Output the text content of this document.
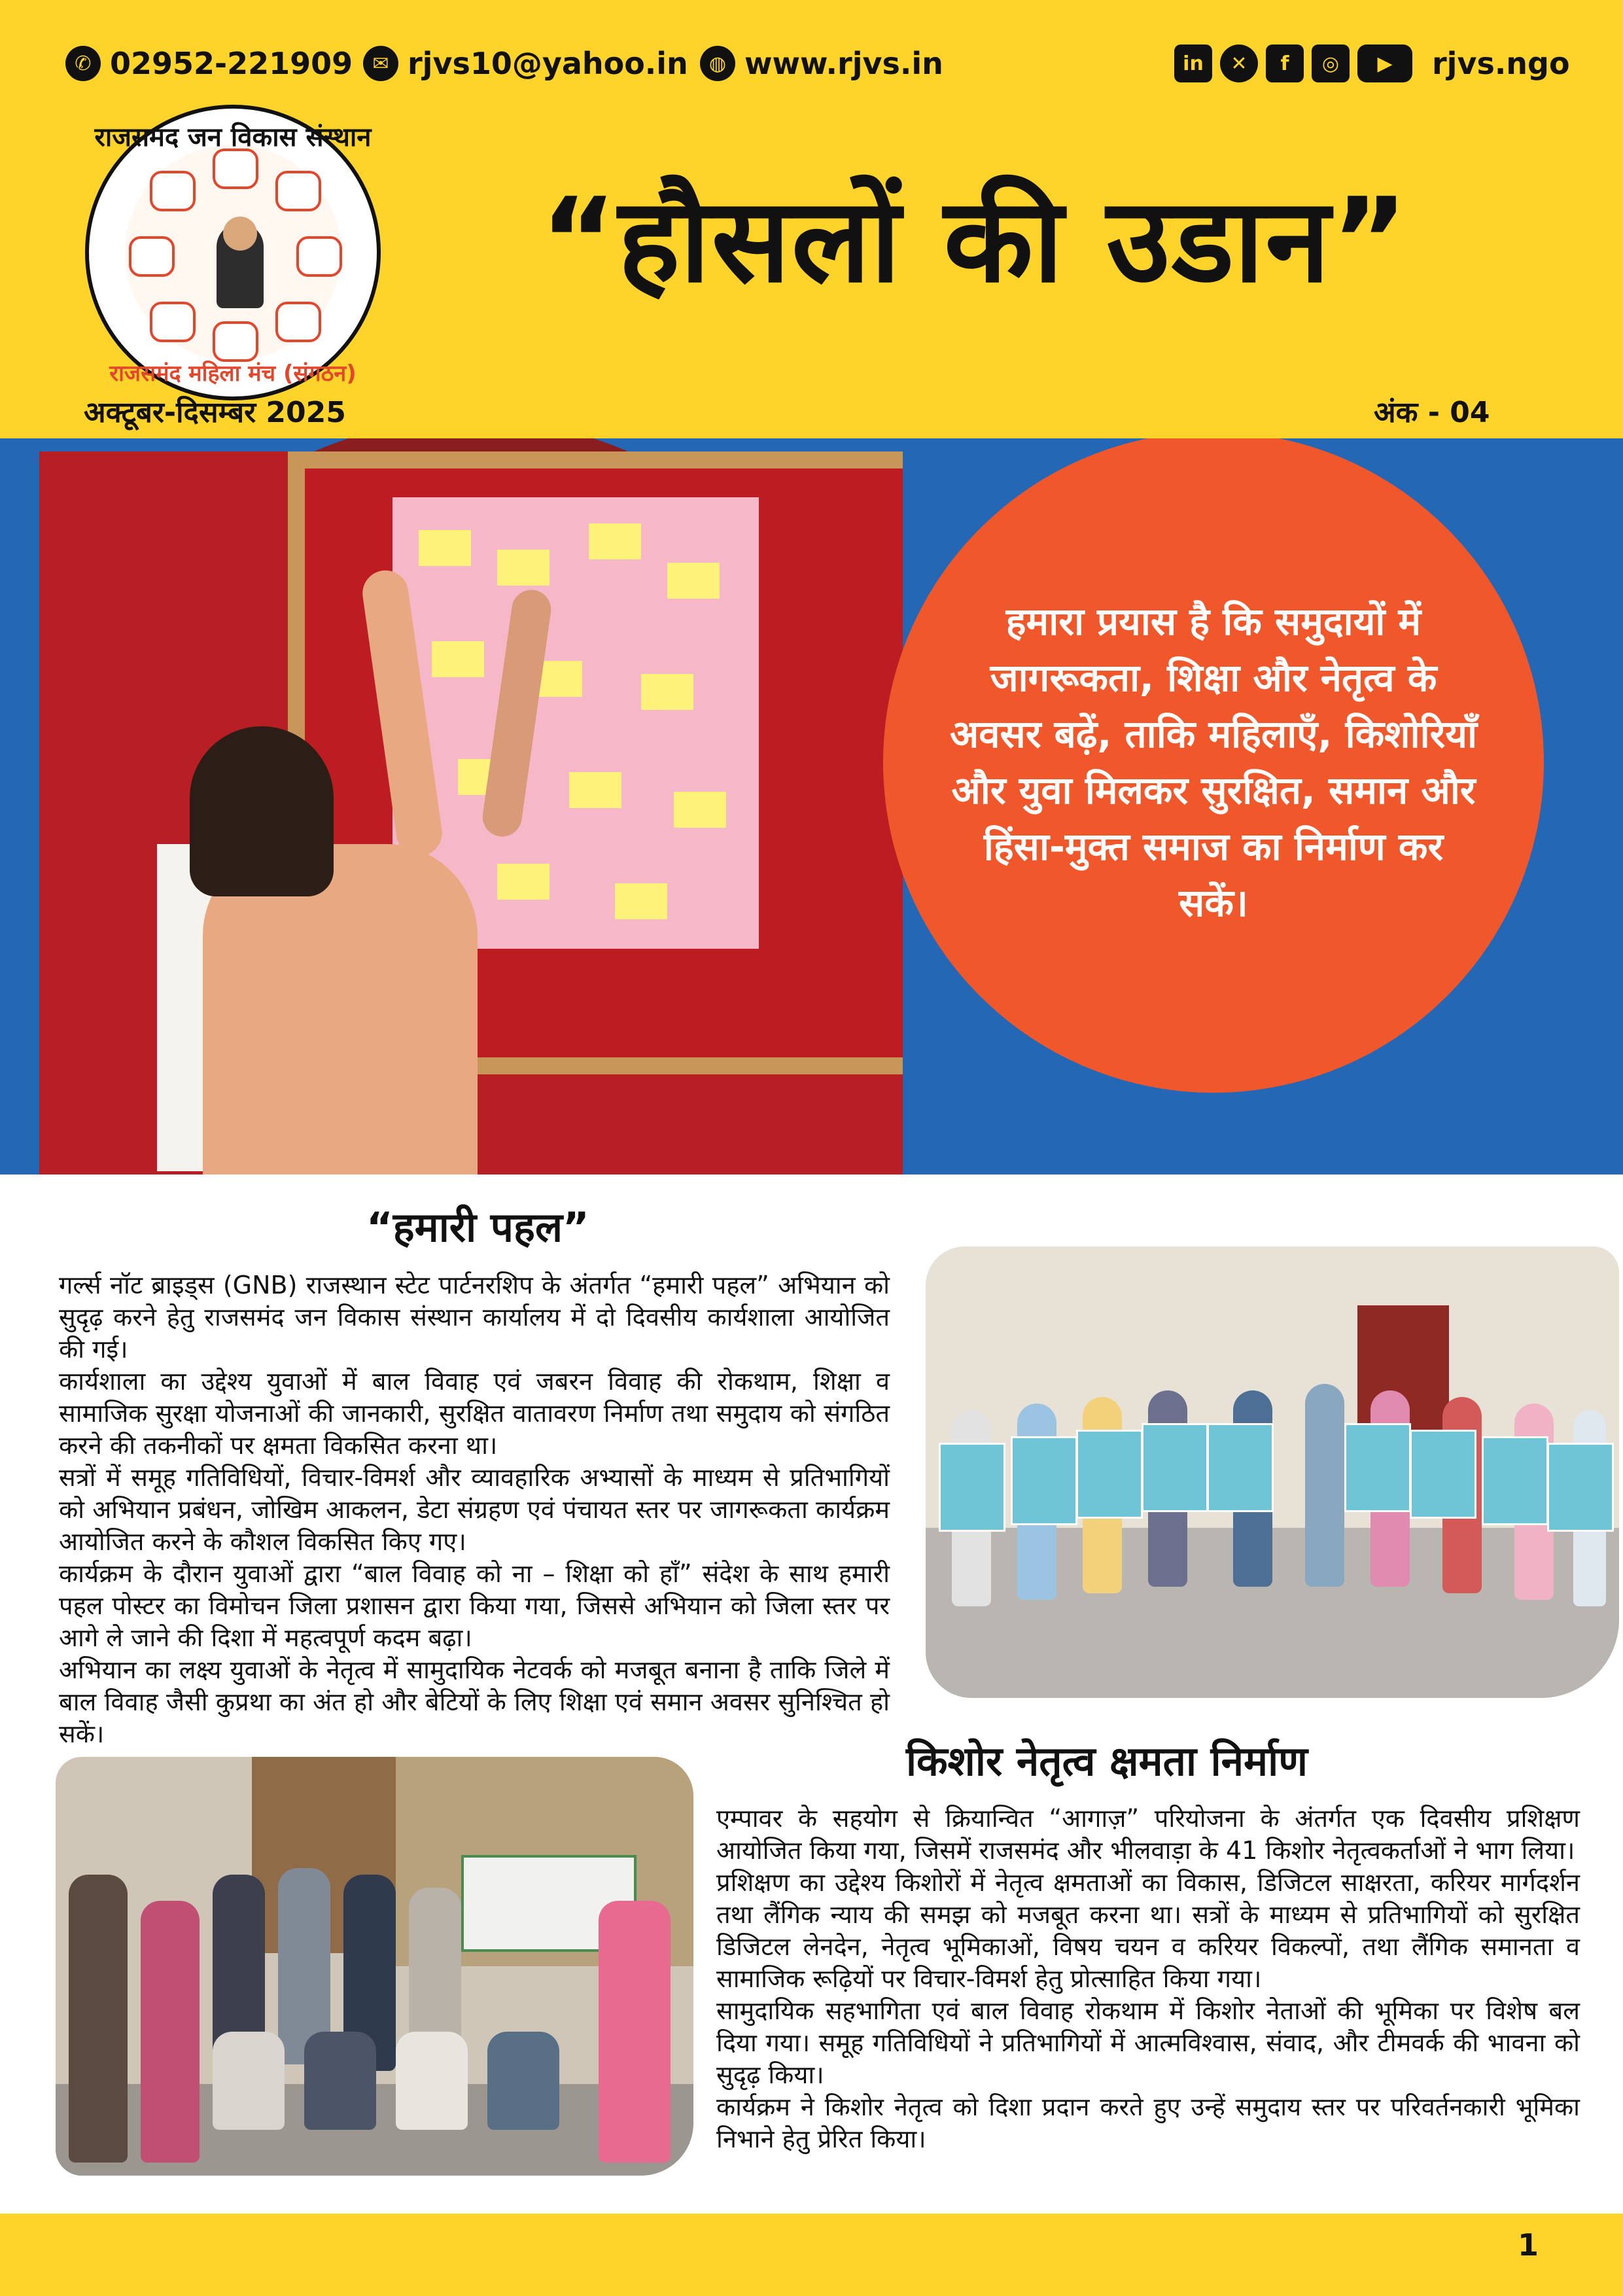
✆ 02952-221909	✉ rjvs10@yahoo.in	◍ www.rjvs.in	in	✕	f	◎	▶	rjvs.ngo
राजसमंद जन विकास संस्थान
राजसमंद महिला मंच (संगठन)
“हौसलों की उडान”
अक्टूबर-दिसम्बर 2025	अंक - 04
हमारा प्रयास है कि समुदायों में जागरूकता, शिक्षा और नेतृत्व के अवसर बढ़ें, ताकि महिलाएँ, किशोरियाँ और युवा मिलकर सुरक्षित, समान और हिंसा-मुक्त समाज का निर्माण कर सकें।
“हमारी पहल”

गर्ल्स नॉट ब्राइड्स (GNB) राजस्थान स्टेट पार्टनरशिप के अंतर्गत “हमारी पहल” अभियान को सुदृढ़ करने हेतु राजसमंद जन विकास संस्थान कार्यालय में दो दिवसीय कार्यशाला आयोजित की गई।

कार्यशाला का उद्देश्य युवाओं में बाल विवाह एवं जबरन विवाह की रोकथाम, शिक्षा व सामाजिक सुरक्षा योजनाओं की जानकारी, सुरक्षित वातावरण निर्माण तथा समुदाय को संगठित करने की तकनीकों पर क्षमता विकसित करना था।

सत्रों में समूह गतिविधियों, विचार-विमर्श और व्यावहारिक अभ्यासों के माध्यम से प्रतिभागियों को अभियान प्रबंधन, जोखिम आकलन, डेटा संग्रहण एवं पंचायत स्तर पर जागरूकता कार्यक्रम आयोजित करने के कौशल विकसित किए गए।

कार्यक्रम के दौरान युवाओं द्वारा “बाल विवाह को ना – शिक्षा को हाँ” संदेश के साथ हमारी पहल पोस्टर का विमोचन जिला प्रशासन द्वारा किया गया, जिससे अभियान को जिला स्तर पर आगे ले जाने की दिशा में महत्वपूर्ण कदम बढ़ा।

अभियान का लक्ष्य युवाओं के नेतृत्व में सामुदायिक नेटवर्क को मजबूत बनाना है ताकि जिले में बाल विवाह जैसी कुप्रथा का अंत हो और बेटियों के लिए शिक्षा एवं समान अवसर सुनिश्चित हो सकें।

किशोर नेतृत्व क्षमता निर्माण

एम्पावर के सहयोग से क्रियान्वित “आगाज़” परियोजना के अंतर्गत एक दिवसीय प्रशिक्षण आयोजित किया गया, जिसमें राजसमंद और भीलवाड़ा के 41 किशोर नेतृत्वकर्ताओं ने भाग लिया।

प्रशिक्षण का उद्देश्य किशोरों में नेतृत्व क्षमताओं का विकास, डिजिटल साक्षरता, करियर मार्गदर्शन तथा लैंगिक न्याय की समझ को मजबूत करना था। सत्रों के माध्यम से प्रतिभागियों को सुरक्षित डिजिटल लेनदेन, नेतृत्व भूमिकाओं, विषय चयन व करियर विकल्पों, तथा लैंगिक समानता व सामाजिक रूढ़ियों पर विचार-विमर्श हेतु प्रोत्साहित किया गया।

सामुदायिक सहभागिता एवं बाल विवाह रोकथाम में किशोर नेताओं की भूमिका पर विशेष बल दिया गया। समूह गतिविधियों ने प्रतिभागियों में आत्मविश्वास, संवाद, और टीमवर्क की भावना को सुदृढ़ किया।

कार्यक्रम ने किशोर नेतृत्व को दिशा प्रदान करते हुए उन्हें समुदाय स्तर पर परिवर्तनकारी भूमिका निभाने हेतु प्रेरित किया।

1
